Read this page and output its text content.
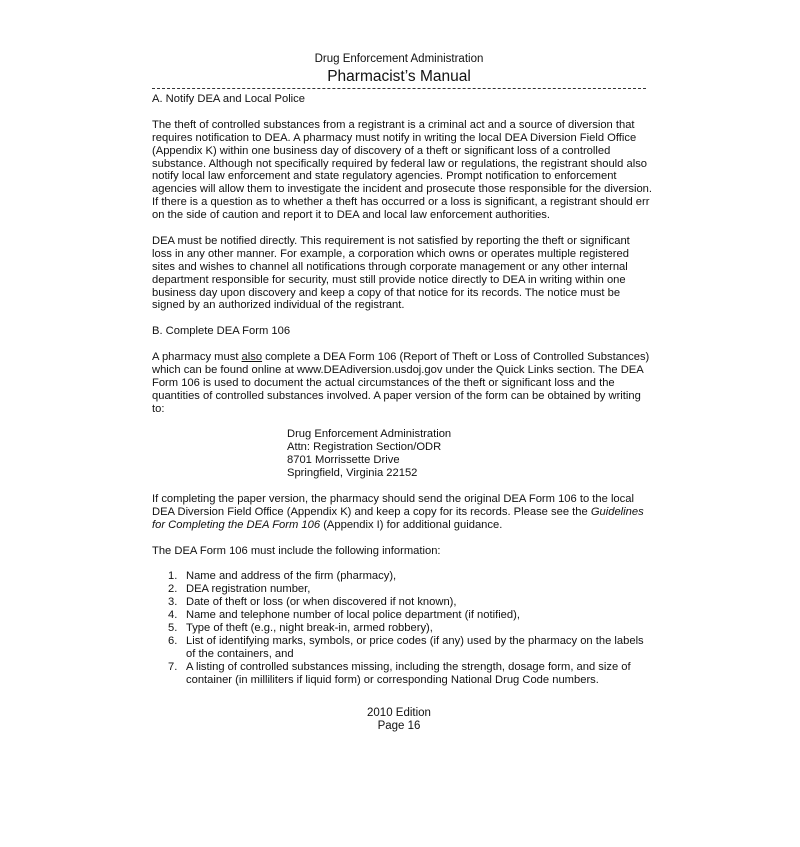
Drug Enforcement Administration
Pharmacist’s Manual

A. Notify DEA and Local Police

The theft of controlled substances from a registrant is a criminal act and a source of diversion that requires notification to DEA. A pharmacy must notify in writing the local DEA Diversion Field Office (Appendix K) within one business day of discovery of a theft or significant loss of a controlled substance. Although not specifically required by federal law or regulations, the registrant should also notify local law enforcement and state regulatory agencies. Prompt notification to enforcement agencies will allow them to investigate the incident and prosecute those responsible for the diversion. If there is a question as to whether a theft has occurred or a loss is significant, a registrant should err on the side of caution and report it to DEA and local law enforcement authorities.

DEA must be notified directly. This requirement is not satisfied by reporting the theft or significant loss in any other manner. For example, a corporation which owns or operates multiple registered sites and wishes to channel all notifications through corporate management or any other internal department responsible for security, must still provide notice directly to DEA in writing within one business day upon discovery and keep a copy of that notice for its records. The notice must be signed by an authorized individual of the registrant.

B. Complete DEA Form 106

A pharmacy must also complete a DEA Form 106 (Report of Theft or Loss of Controlled Substances) which can be found online at www.DEAdiversion.usdoj.gov under the Quick Links section. The DEA Form 106 is used to document the actual circumstances of the theft or significant loss and the quantities of controlled substances involved. A paper version of the form can be obtained by writing to:

Drug Enforcement Administration
Attn: Registration Section/ODR
8701 Morrissette Drive
Springfield, Virginia 22152

If completing the paper version, the pharmacy should send the original DEA Form 106 to the local DEA Diversion Field Office (Appendix K) and keep a copy for its records. Please see the Guidelines for Completing the DEA Form 106 (Appendix I) for additional guidance.

The DEA Form 106 must include the following information:

1. Name and address of the firm (pharmacy),
2. DEA registration number,
3. Date of theft or loss (or when discovered if not known),
4. Name and telephone number of local police department (if notified),
5. Type of theft (e.g., night break-in, armed robbery),
6. List of identifying marks, symbols, or price codes (if any) used by the pharmacy on the labels of the containers, and
7. A listing of controlled substances missing, including the strength, dosage form, and size of container (in milliliters if liquid form) or corresponding National Drug Code numbers.
2010 Edition
Page 16
